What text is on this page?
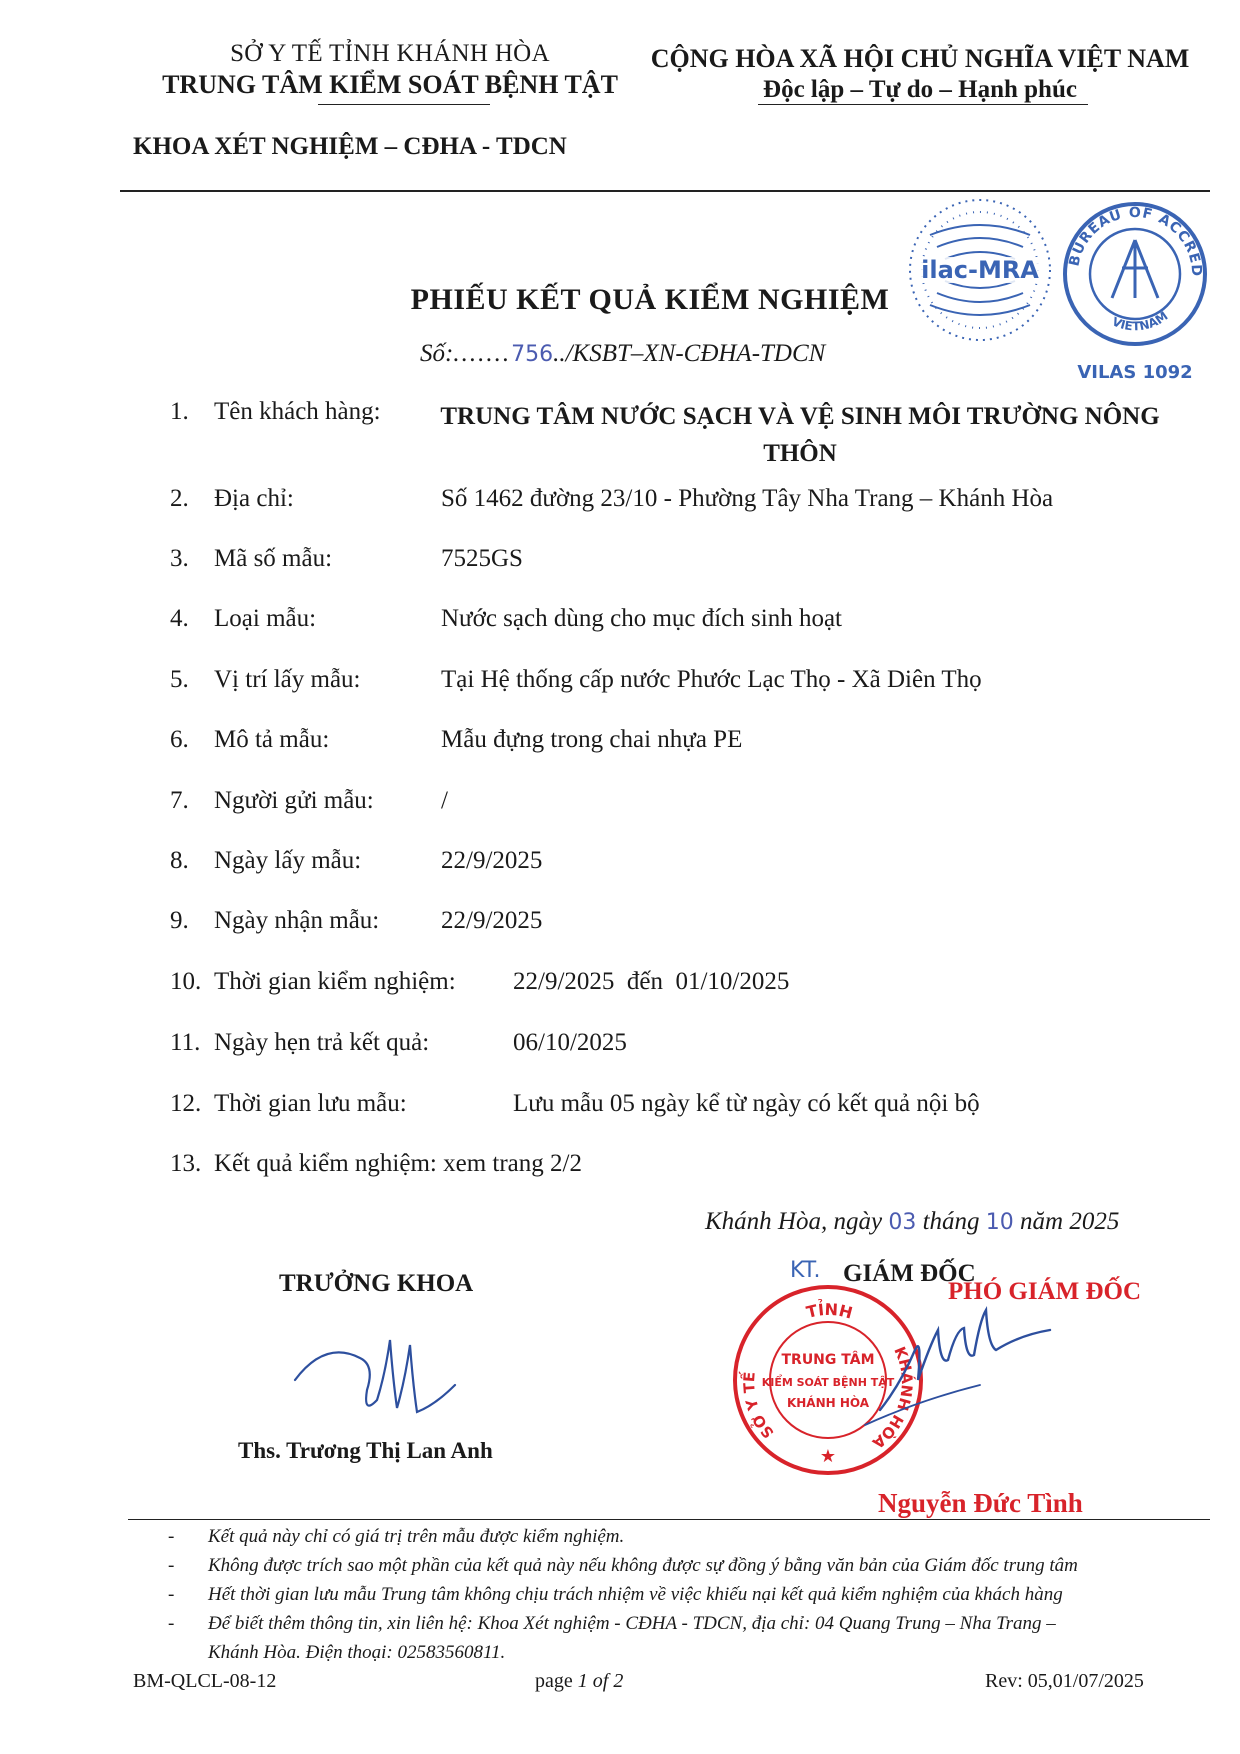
SỞ Y TẾ TỈNH KHÁNH HÒA
TRUNG TÂM KIỂM SOÁT BỆNH TẬT
CỘNG HÒA XÃ HỘI CHỦ NGHĨA VIỆT NAM
Độc lập – Tự do – Hạnh phúc
KHOA XÉT NGHIỆM – CĐHA - TDCN
ilac-MRA	BUREAU OF ACCRED
VIETNAM
VILAS 1092
PHIẾU KẾT QUẢ KIỂM NGHIỆM
Số:.......756../KSBT–XN-CĐHA-TDCN
1. Tên khách hàng:	TRUNG TÂM NƯỚC SẠCH VÀ VỆ SINH MÔI TRƯỜNG NÔNG THÔN
2. Địa chỉ:	Số 1462 đường 23/10 - Phường Tây Nha Trang – Khánh Hòa
3. Mã số mẫu:	7525GS
4. Loại mẫu:	Nước sạch dùng cho mục đích sinh hoạt
5. Vị trí lấy mẫu:	Tại Hệ thống cấp nước Phước Lạc Thọ - Xã Diên Thọ
6. Mô tả mẫu:	Mẫu đựng trong chai nhựa PE
7. Người gửi mẫu:	/
8. Ngày lấy mẫu:	22/9/2025
9. Ngày nhận mẫu: 22/9/2025
10. Thời gian kiểm nghiệm: 22/9/2025  đến  01/10/2025
11. Ngày hẹn trả kết quả:	06/10/2025
12. Thời gian lưu mẫu:	Lưu mẫu 05 ngày kể từ ngày có kết quả nội bộ
13. Kết quả kiểm nghiệm: xem trang 2/2
Khánh Hòa, ngày 03 tháng 10 năm 2025
TRƯỞNG KHOA
Ths. Trương Thị Lan Anh
KT. GIÁM ĐỐC
PHÓ GIÁM ĐỐC
TỈNH
SỞ Y TẾ
KHÁNH HÒA
TRUNG TÂM
KIỂM SOÁT BỆNH TẬT
KHÁNH HÒA
★
Nguyễn Đức Tình
- Kết quả này chỉ có giá trị trên mẫu được kiểm nghiệm.
- Không được trích sao một phần của kết quả này nếu không được sự đồng ý bằng văn bản của Giám đốc trung tâm
- Hết thời gian lưu mẫu Trung tâm không chịu trách nhiệm về việc khiếu nại kết quả kiểm nghiệm của khách hàng
- Để biết thêm thông tin, xin liên hệ: Khoa Xét nghiệm - CĐHA - TDCN, địa chỉ: 04 Quang Trung – Nha Trang –
Khánh Hòa. Điện thoại: 02583560811.
BM-QLCL-08-12	page 1 of 2	Rev: 05,01/07/2025
